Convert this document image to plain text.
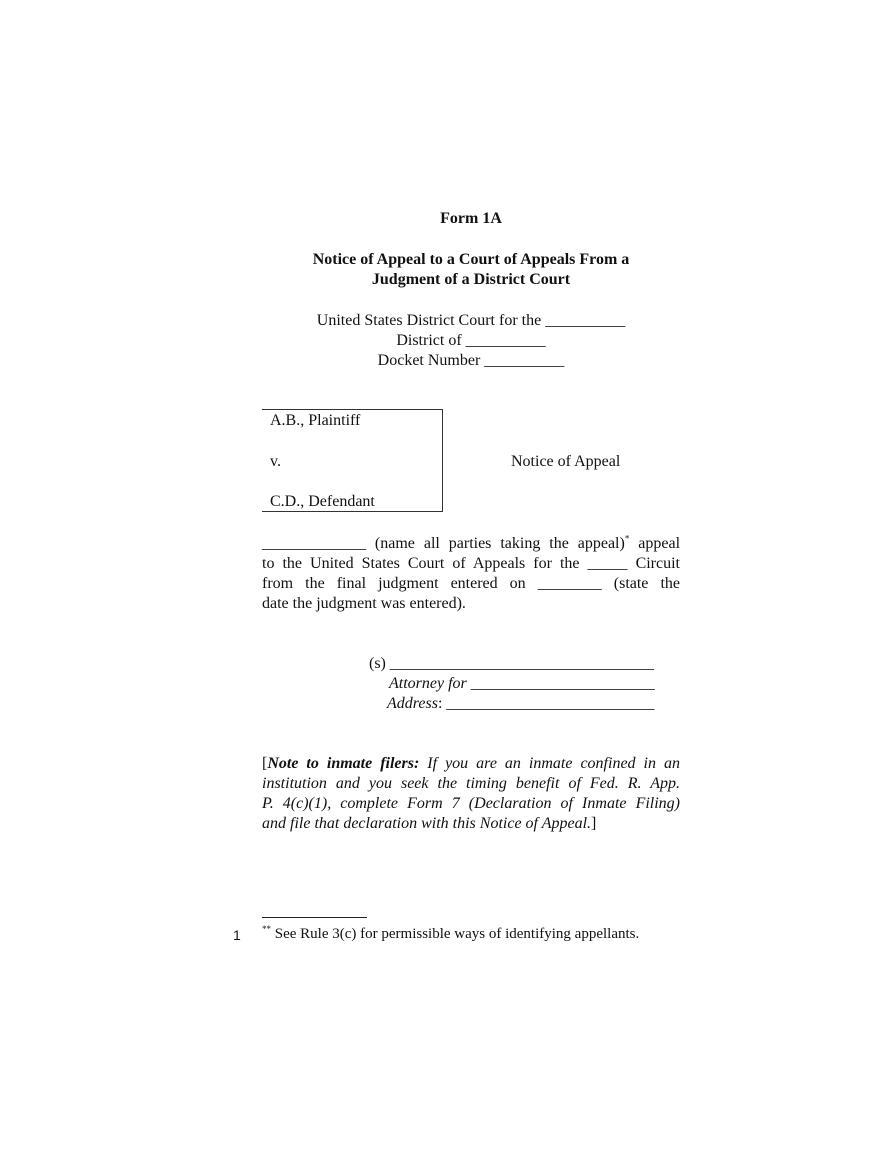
Form 1A
Notice of Appeal to a Court of Appeals From a
Judgment of a District Court
United States District Court for the __________
District of __________
Docket Number __________
A.B., Plaintiff
v.
C.D., Defendant
Notice of Appeal
_____________ (name all parties taking the appeal)* appeal
to the United States Court of Appeals for the _____ Circuit
from the final judgment entered on ________ (state the
date the judgment was entered).
(s) _________________________________
Attorney for _______________________
Address: __________________________
[Note to inmate filers: If you are an inmate confined in an
institution and you seek the timing benefit of Fed. R. App.
P. 4(c)(1), complete Form 7 (Declaration of Inmate Filing)
and file that declaration with this Notice of Appeal.]
1 ** See Rule 3(c) for permissible ways of identifying appellants.
